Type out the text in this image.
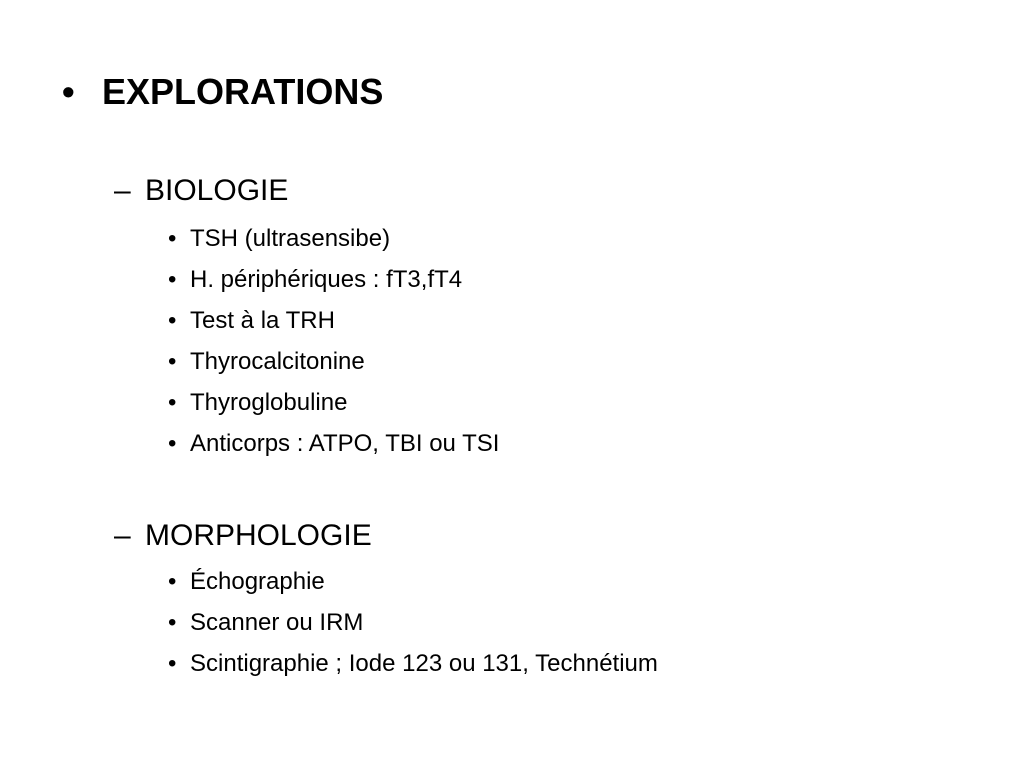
• EXPLORATIONS
– BIOLOGIE
• TSH (ultrasensibe)
• H. périphériques : fT3,fT4
• Test à la TRH
• Thyrocalcitonine
• Thyroglobuline
• Anticorps : ATPO, TBI ou TSI
– MORPHOLOGIE
• Échographie
• Scanner ou IRM
• Scintigraphie ; Iode 123 ou 131, Technétium
